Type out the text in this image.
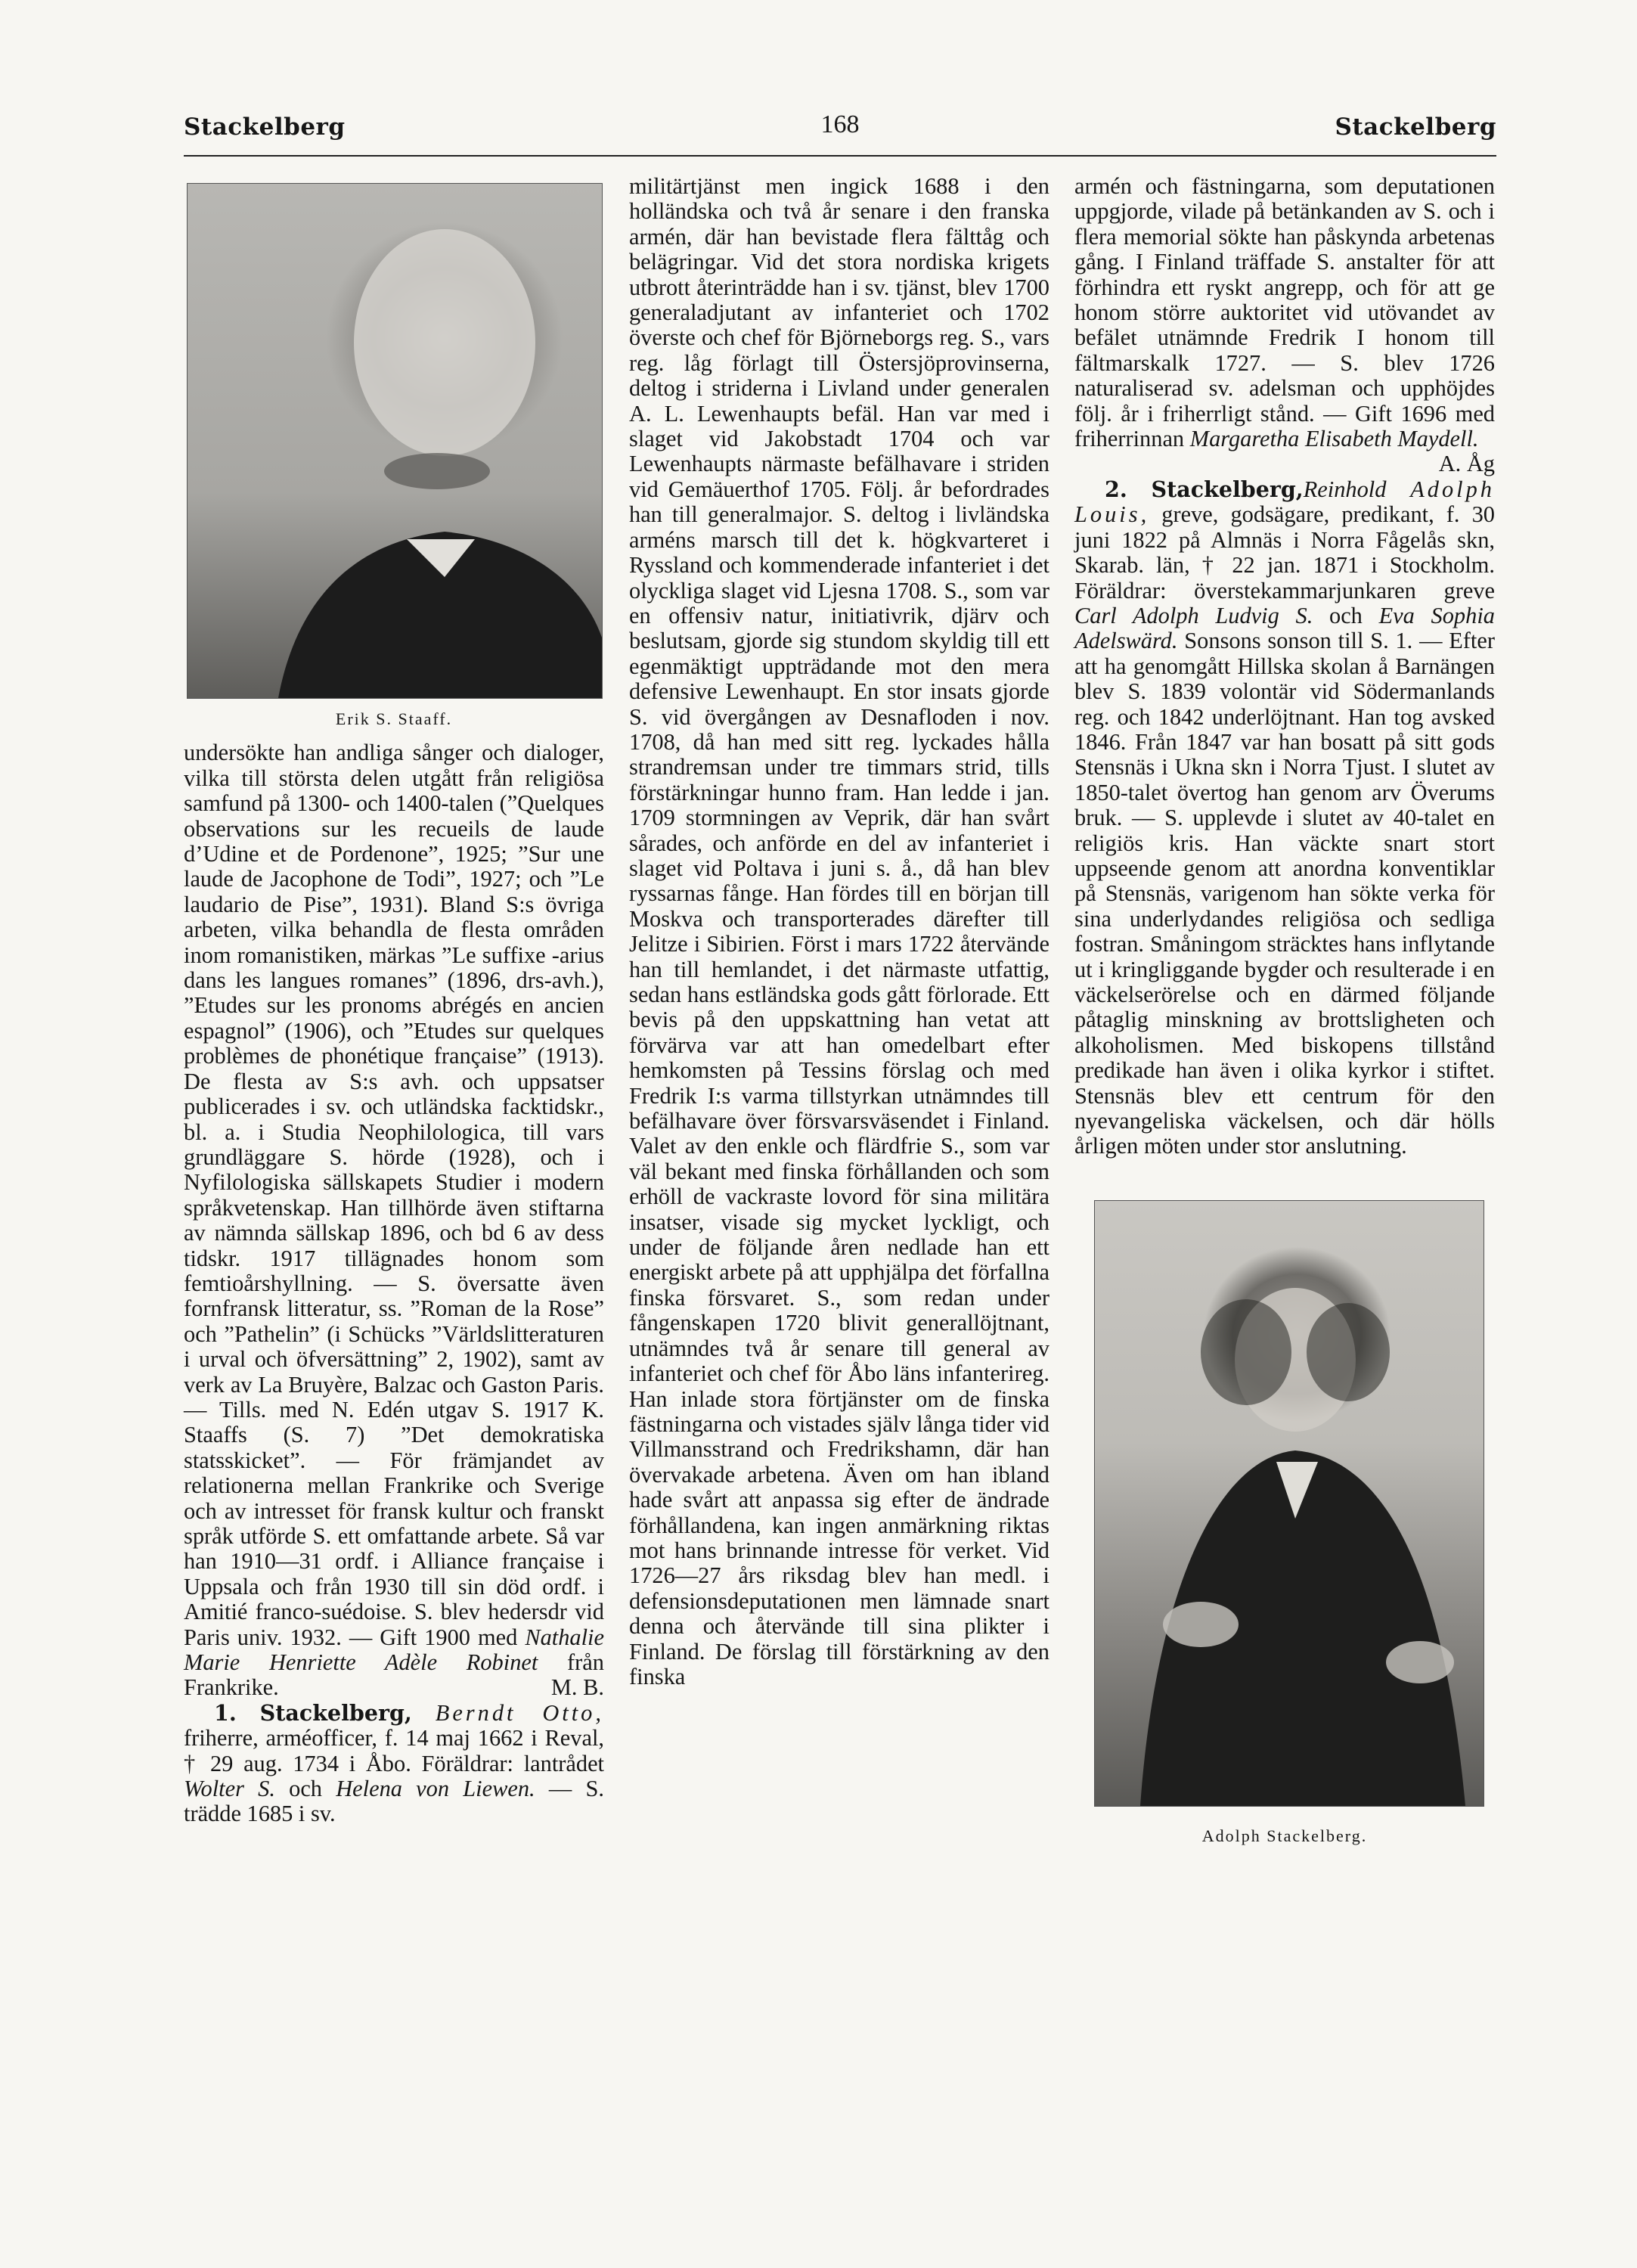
Stackelberg	168	Stackelberg
Erik S. Staaff.

undersökte han andliga sånger och dialoger, vilka till största delen utgått från religiösa samfund på 1300- och 1400-talen (”Quelques observations sur les recueils de laude d’Udine et de Pordenone”, 1925; ”Sur une laude de Jacophone de Todi”, 1927; och ”Le laudario de Pise”, 1931). Bland S:s övriga arbeten, vilka behandla de flesta områden inom romanistiken, märkas ”Le suffixe -arius dans les langues romanes” (1896, drs-avh.), ”Etudes sur les pronoms abrégés en ancien espagnol” (1906), och ”Etudes sur quelques problèmes de phonétique française” (1913). De flesta av S:s avh. och uppsatser publicerades i sv. och utländska facktidskr., bl. a. i Studia Neophilologica, till vars grundläggare S. hörde (1928), och i Nyfilologiska sällskapets Studier i modern språkvetenskap. Han tillhörde även stiftarna av nämnda sällskap 1896, och bd 6 av dess tidskr. 1917 tillägnades honom som femtioårshyllning. — S. översatte även fornfransk litteratur, ss. ”Roman de la Rose” och ”Pathelin” (i Schücks ”Världslitteraturen i urval och öfversättning” 2, 1902), samt av verk av La Bruyère, Balzac och Gaston Paris. — Tills. med N. Edén utgav S. 1917 K. Staaffs (S. 7) ”Det demokratiska statsskicket”. — För främjandet av relationerna mellan Frankrike och Sverige och av intresset för fransk kultur och franskt språk utförde S. ett omfattande arbete. Så var han 1910—31 ordf. i Alliance française i Uppsala och från 1930 till sin död ordf. i Amitié franco-suédoise. S. blev hedersdr vid Paris univ. 1932. — Gift 1900 med Nathalie Marie Henriette Adèle Robinet från Frankrike.	M. B.

1. Stackelberg, Berndt Otto, friherre, arméofficer, f. 14 maj 1662 i Reval, † 29 aug. 1734 i Åbo. Föräldrar: lantrådet Wolter S. och Helena von Liewen. — S. trädde 1685 i sv.

militärtjänst men ingick 1688 i den holländska och två år senare i den franska armén, där han bevistade flera fälttåg och belägringar. Vid det stora nordiska krigets utbrott återinträdde han i sv. tjänst, blev 1700 generaladjutant av infanteriet och 1702 överste och chef för Björneborgs reg. S., vars reg. låg förlagt till Östersjöprovinserna, deltog i striderna i Livland under generalen A. L. Lewenhaupts befäl. Han var med i slaget vid Jakobstadt 1704 och var Lewenhaupts närmaste befälhavare i striden vid Gemäuerthof 1705. Följ. år befordrades han till generalmajor. S. deltog i livländska arméns marsch till det k. högkvarteret i Ryssland och kommenderade infanteriet i det olyckliga slaget vid Ljesna 1708. S., som var en offensiv natur, initiativrik, djärv och beslutsam, gjorde sig stundom skyldig till ett egenmäktigt uppträdande mot den mera defensive Lewenhaupt. En stor insats gjorde S. vid övergången av Desnafloden i nov. 1708, då han med sitt reg. lyckades hålla strandremsan under tre timmars strid, tills förstärkningar hunno fram. Han ledde i jan. 1709 stormningen av Veprik, där han svårt sårades, och anförde en del av infanteriet i slaget vid Poltava i juni s. å., då han blev ryssarnas fånge. Han fördes till en början till Moskva och transporterades därefter till Jelitze i Sibirien. Först i mars 1722 återvände han till hemlandet, i det närmaste utfattig, sedan hans estländska gods gått förlorade. Ett bevis på den uppskattning han vetat att förvärva var att han omedelbart efter hemkomsten på Tessins förslag och med Fredrik I:s varma tillstyrkan utnämndes till befälhavare över försvarsväsendet i Finland. Valet av den enkle och flärdfrie S., som var väl bekant med finska förhållanden och som erhöll de vackraste lovord för sina militära insatser, visade sig mycket lyckligt, och under de följande åren nedlade han ett energiskt arbete på att upphjälpa det förfallna finska försvaret. S., som redan under fångenskapen 1720 blivit generallöjtnant, utnämndes två år senare till general av infanteriet och chef för Åbo läns infanterireg. Han inlade stora förtjänster om de finska fästningarna och vistades själv långa tider vid Villmansstrand och Fredrikshamn, där han övervakade arbetena. Även om han ibland hade svårt att anpassa sig efter de ändrade förhållandena, kan ingen anmärkning riktas mot hans brinnande intresse för verket. Vid 1726—27 års riksdag blev han medl. i defensionsdeputationen men lämnade snart denna och återvände till sina plikter i Finland. De förslag till förstärkning av den finska

armén och fästningarna, som deputationen uppgjorde, vilade på betänkanden av S. och i flera memorial sökte han påskynda arbetenas gång. I Finland träffade S. anstalter för att förhindra ett ryskt angrepp, och för att ge honom större auktoritet vid utövandet av befälet utnämnde Fredrik I honom till fältmarskalk 1727. — S. blev 1726 naturaliserad sv. adelsman och upphöjdes följ. år i friherrligt stånd. — Gift 1696 med friherrinnan Margaretha Elisabeth Maydell.
A. Åg

2. Stackelberg,Reinhold Adolph Louis, greve, godsägare, predikant, f. 30 juni 1822 på Almnäs i Norra Fågelås skn, Skarab. län, † 22 jan. 1871 i Stockholm. Föräldrar: överstekammarjunkaren greve Carl Adolph Ludvig S. och Eva Sophia Adelswärd. Sonsons sonson till S. 1. — Efter att ha genomgått Hillska skolan å Barnängen blev S. 1839 volontär vid Södermanlands reg. och 1842 underlöjtnant. Han tog avsked 1846. Från 1847 var han bosatt på sitt gods Stensnäs i Ukna skn i Norra Tjust. I slutet av 1850-talet övertog han genom arv Överums bruk. — S. upplevde i slutet av 40-talet en religiös kris. Han väckte snart stort uppseende genom att anordna konventiklar på Stensnäs, varigenom han sökte verka för sina underlydandes religiösa och sedliga fostran. Småningom sträcktes hans inflytande ut i kringliggande bygder och resulterade i en väckelserörelse och en därmed följande påtaglig minskning av brottsligheten och alkoholismen. Med biskopens tillstånd predikade han även i olika kyrkor i stiftet. Stensnäs blev ett centrum för den nyevangeliska väckelsen, och där hölls årligen möten under stor anslutning.

Adolph Stackelberg.
